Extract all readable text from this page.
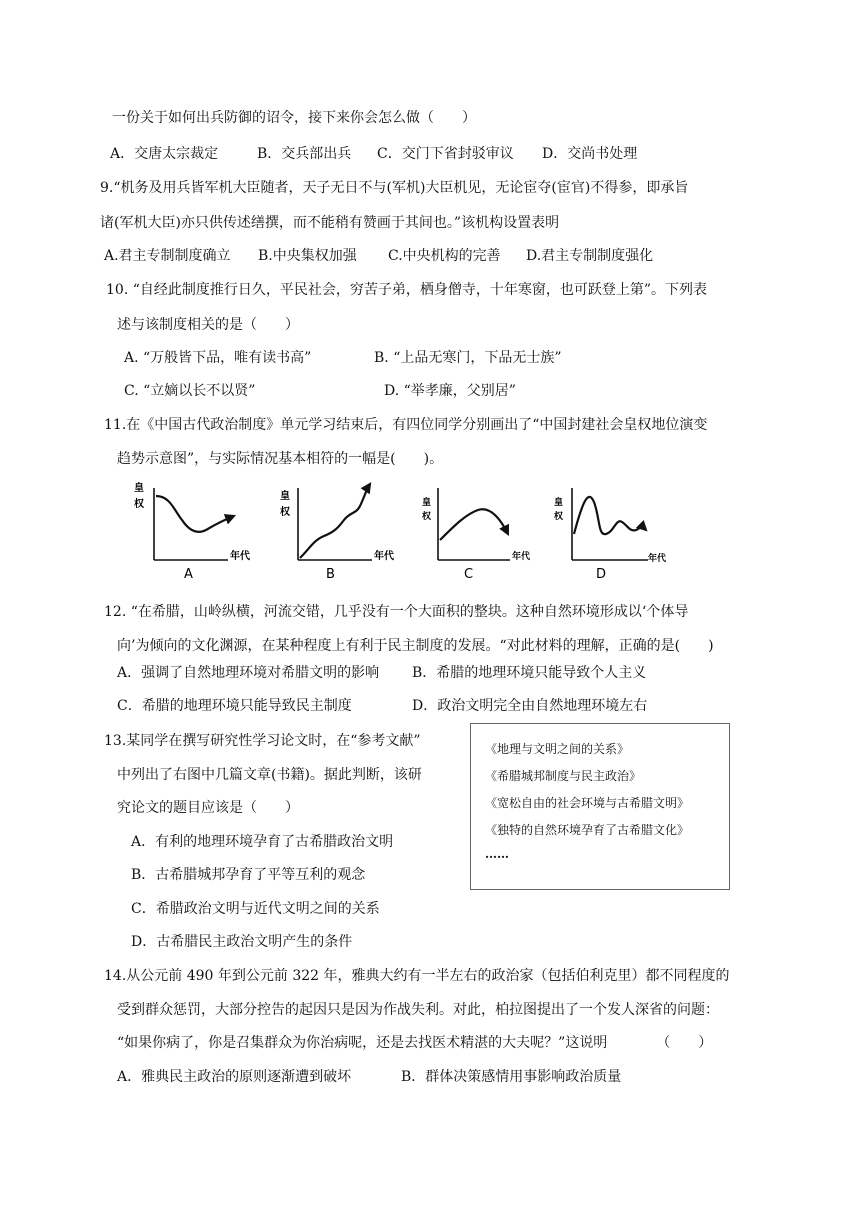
一份关于如何出兵防御的诏令，接下来你会怎么做（　　）
A．交唐太宗裁定	B．交兵部出兵 C．交门下省封驳审议 D．交尚书处理
9.“机务及用兵皆军机大臣随者，天子无日不与(军机)大臣机见，无论宦夺(宦官)不得参，即承旨
诸(军机大臣)亦只供传述缮撰，而不能稍有赞画于其间也。”该机构设置表明
A.君主专制制度确立 B.中央集权加强 C.中央机构的完善 D.君主专制制度强化
10. “自经此制度推行日久，平民社会，穷苦子弟，栖身僧寺，十年寒窗，也可跃登上第”。下列表
述与该制度相关的是（　　）
A. “万般皆下品，唯有读书高”	B. “上品无寒门，下品无士族”
C. “立嫡以长不以贤”	D. “举孝廉，父别居”
11.在《中国古代政治制度》单元学习结束后，有四位同学分别画出了“中国封建社会皇权地位演变
趋势示意图”，与实际情况基本相符的一幅是(　　)。
皇
权
年代
A
皇
权
年代
B
皇
权
年代
C
皇
权
年代
D
12. “在希腊，山岭纵横，河流交错，几乎没有一个大面积的整块。这种自然环境形成以‘个体导
向’为倾向的文化渊源，在某种程度上有利于民主制度的发展。“对此材料的理解，正确的是(　　)
A．强调了自然地理环境对希腊文明的影响 B．希腊的地理环境只能导致个人主义
C．希腊的地理环境只能导致民主制度	D．政治文明完全由自然地理环境左右
13.某同学在撰写研究性学习论文时，在“参考文献”
中列出了右图中几篇文章(书籍)。据此判断，该研
究论文的题目应该是（　　）
A．有利的地理环境孕育了古希腊政治文明
B．古希腊城邦孕育了平等互利的观念
C．希腊政治文明与近代文明之间的关系
D．古希腊民主政治文明产生的条件
《地理与文明之间的关系》
《希腊城邦制度与民主政治》
《宽松自由的社会环境与古希腊文明》
《独特的自然环境孕育了古希腊文化》
……
14.从公元前 490 年到公元前 322 年，雅典大约有一半左右的政治家（包括伯利克里）都不同程度的
受到群众惩罚，大部分控告的起因只是因为作战失利。对此，柏拉图提出了一个发人深省的问题：
“如果你病了，你是召集群众为你治病呢，还是去找医术精湛的大夫呢？”这说明　　　　（　　）
A．雅典民主政治的原则逐渐遭到破坏	B．群体决策感情用事影响政治质量
